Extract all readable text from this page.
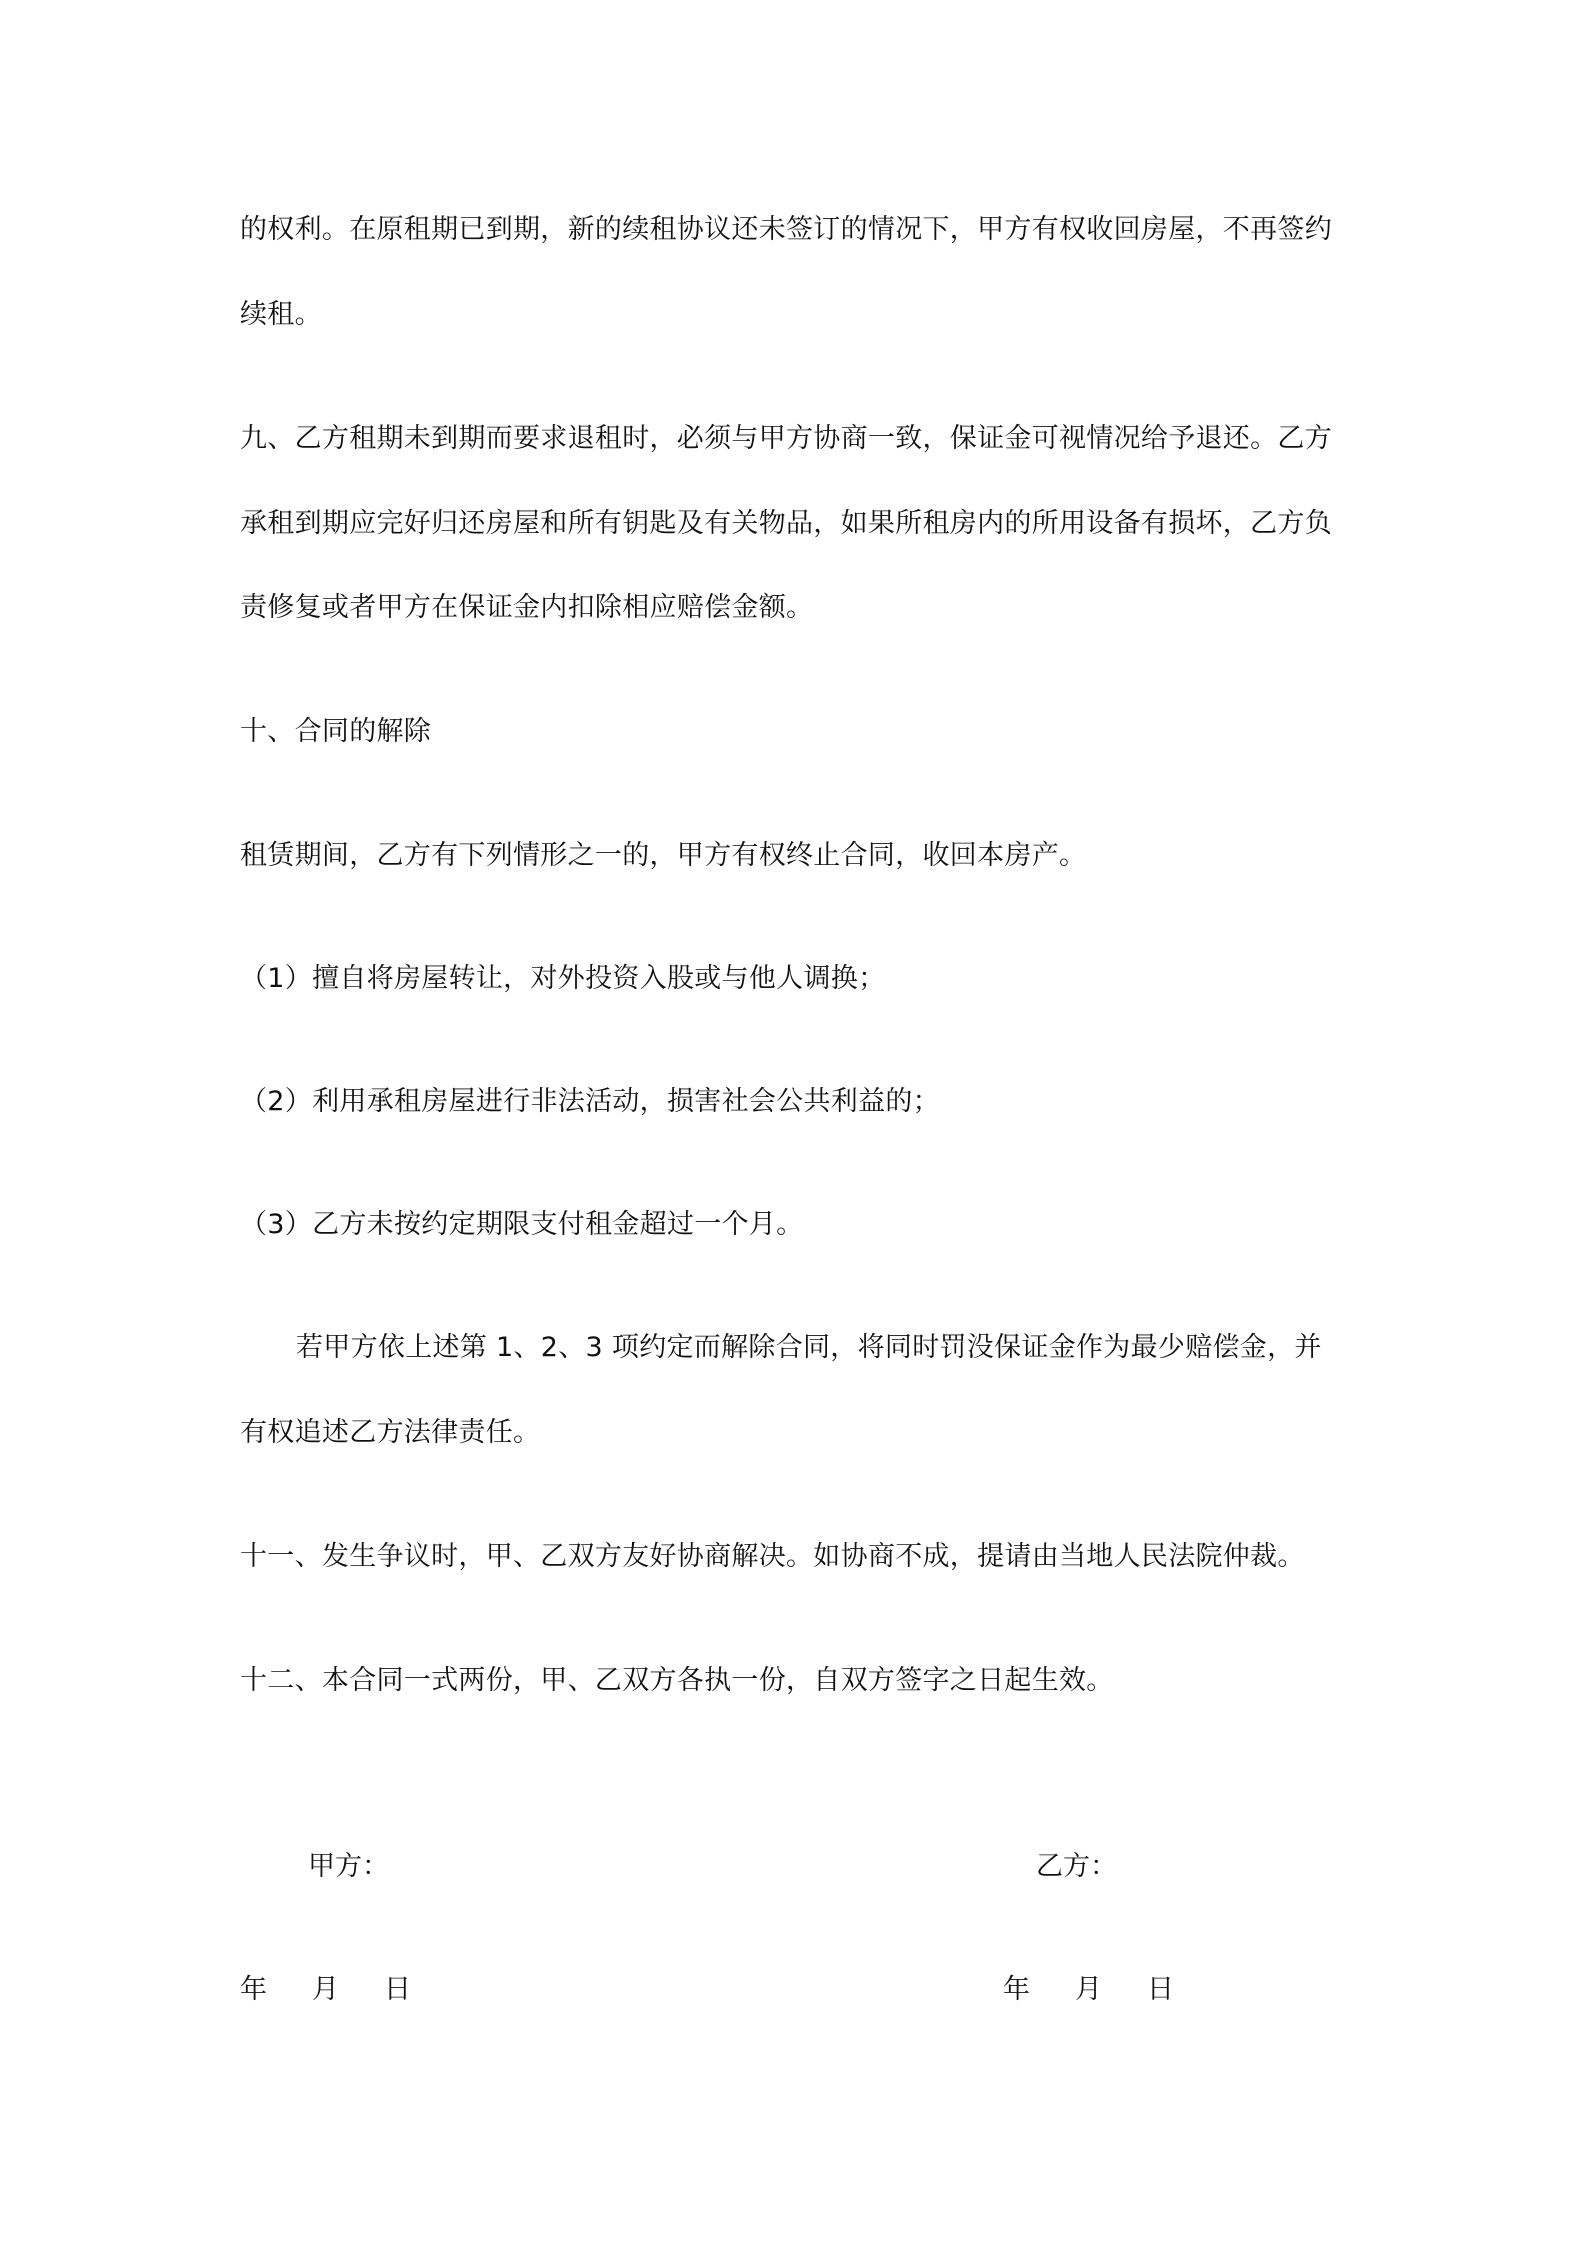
的权利。在原租期已到期，新的续租协议还未签订的情况下，甲方有权收回房屋，不再签约
续租。
九、乙方租期未到期而要求退租时，必须与甲方协商一致，保证金可视情况给予退还。乙方
承租到期应完好归还房屋和所有钥匙及有关物品，如果所租房内的所用设备有损坏，乙方负
责修复或者甲方在保证金内扣除相应赔偿金额。
十、合同的解除
租赁期间，乙方有下列情形之一的，甲方有权终止合同，收回本房产。
（1）擅自将房屋转让，对外投资入股或与他人调换；
（2）利用承租房屋进行非法活动，损害社会公共利益的；
（3）乙方未按约定期限支付租金超过一个月。
若甲方依上述第 1、2、3 项约定而解除合同，将同时罚没保证金作为最少赔偿金，并
有权追述乙方法律责任。
十一、发生争议时，甲、乙双方友好协商解决。如协商不成，提请由当地人民法院仲裁。
十二、本合同一式两份，甲、乙双方各执一份，自双方签字之日起生效。
甲方：	乙方：
年 月 日	年 月 日
